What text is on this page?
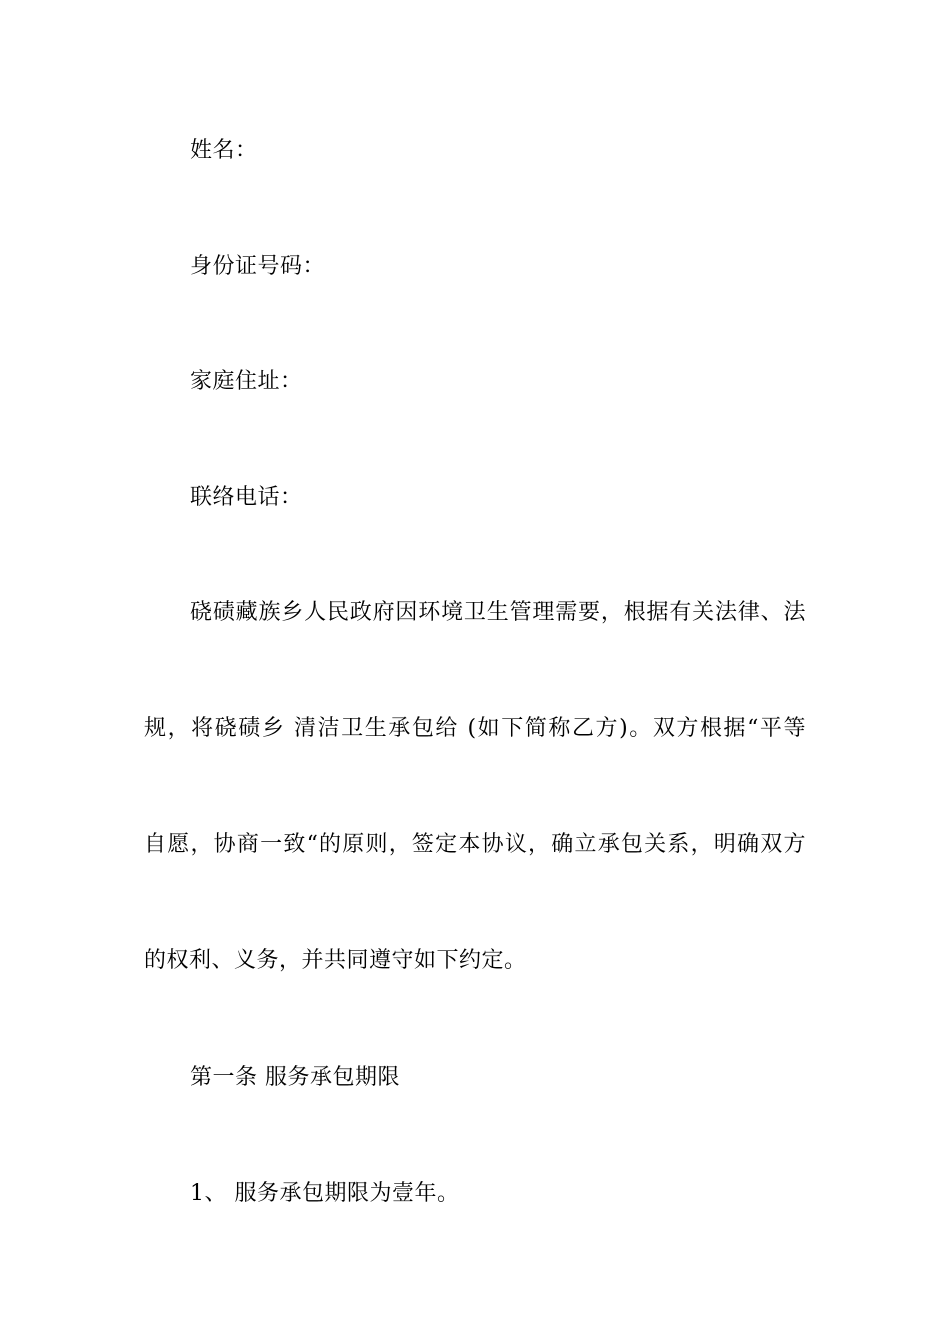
姓名：
身份证号码：
家庭住址：
联络电话：
硗碛藏族乡人民政府因环境卫生管理需要，根据有关法律、法
规，将硗碛乡 清洁卫生承包给 (如下简称乙方)。双方根据“平等
自愿，协商一致“的原则，签定本协议，确立承包关系，明确双方
的权利、义务，并共同遵守如下约定。
第一条 服务承包期限
1、 服务承包期限为壹年。
